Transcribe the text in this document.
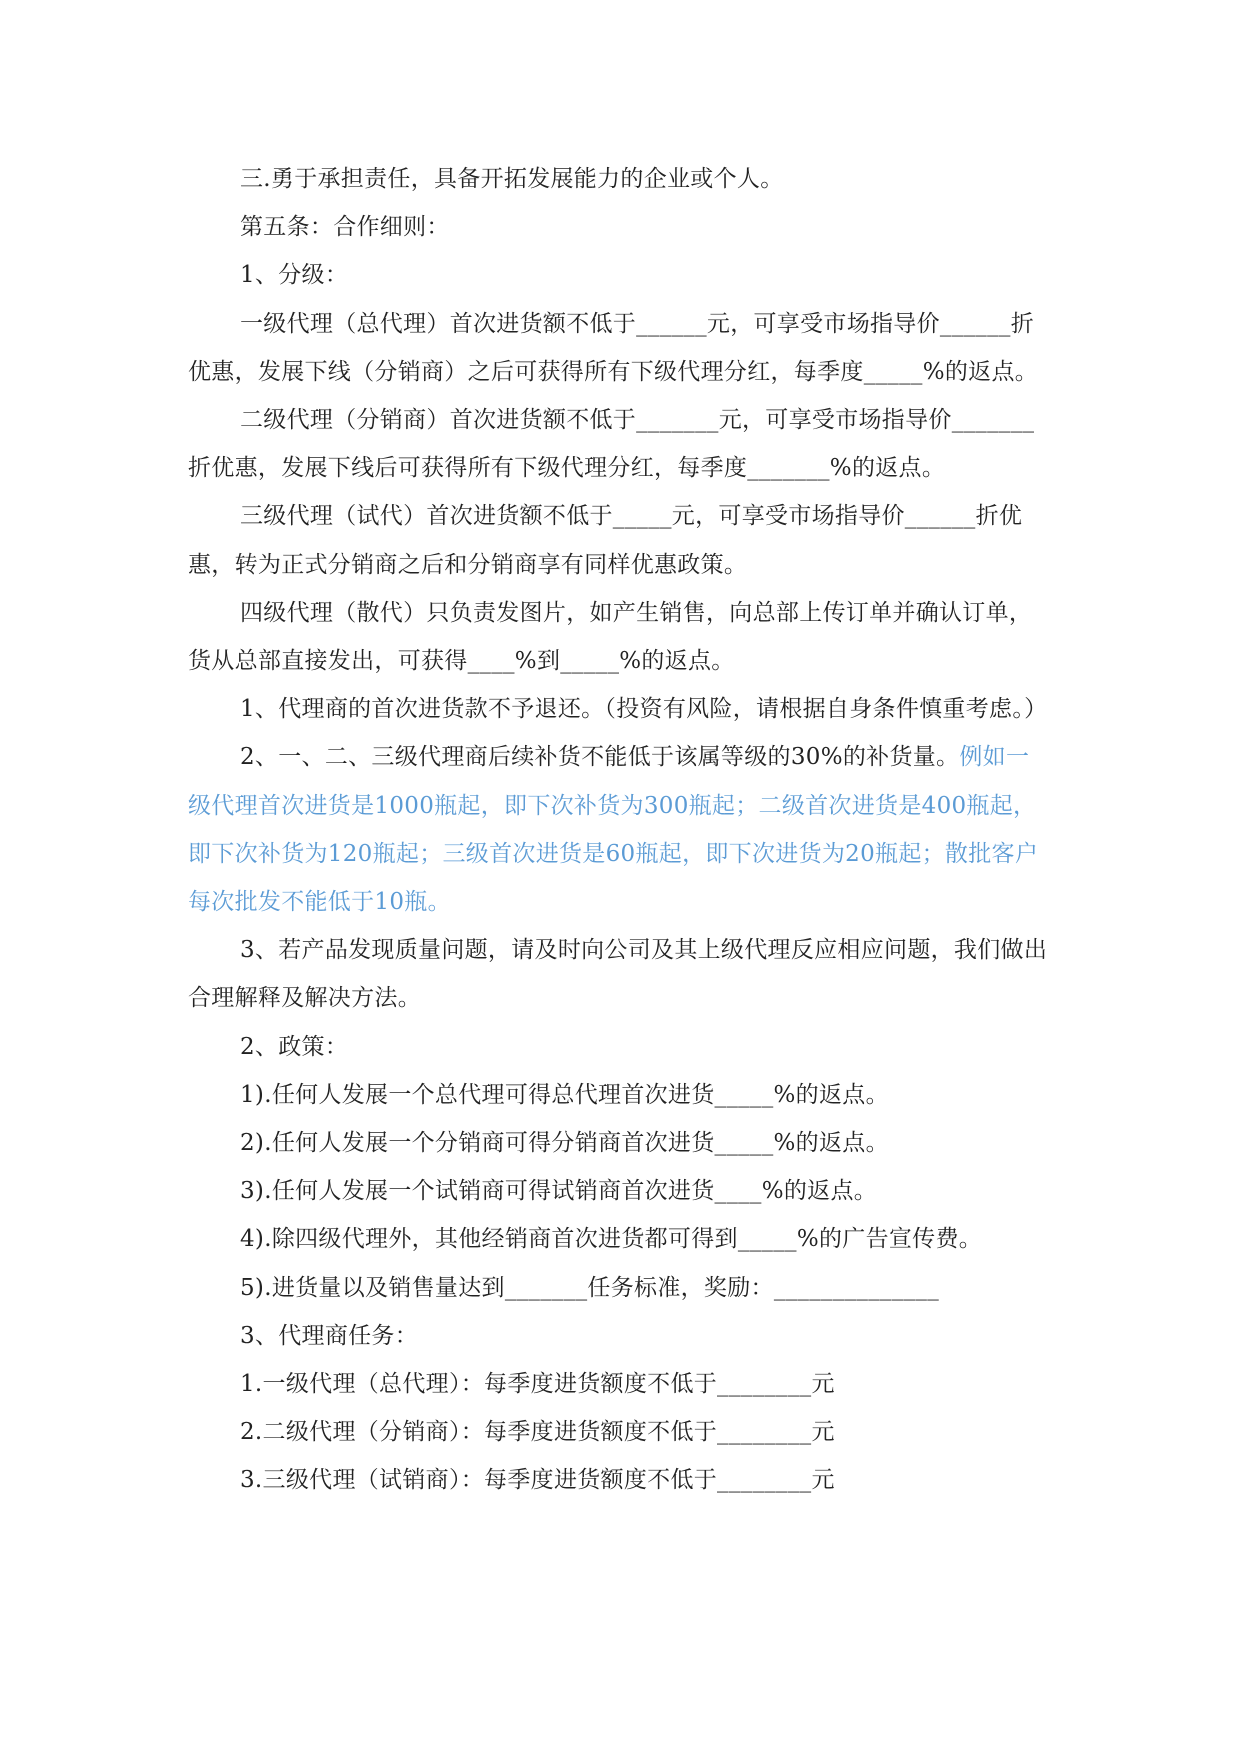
三.勇于承担责任，具备开拓发展能力的企业或个人。

第五条：合作细则：

1、分级：

一级代理（总代理）首次进货额不低于______元，可享受市场指导价______折优惠，发展下线（分销商）之后可获得所有下级代理分红，每季度_____%的返点。

二级代理（分销商）首次进货额不低于_______元，可享受市场指导价_______折优惠，发展下线后可获得所有下级代理分红，每季度_______%的返点。

三级代理（试代）首次进货额不低于_____元，可享受市场指导价______折优惠，转为正式分销商之后和分销商享有同样优惠政策。

四级代理（散代）只负责发图片，如产生销售，向总部上传订单并确认订单，货从总部直接发出，可获得____%到_____%的返点。

1、代理商的首次进货款不予退还。（投资有风险，请根据自身条件慎重考虑。）

2、一、二、三级代理商后续补货不能低于该属等级的30%的补货量。例如一级代理首次进货是1000瓶起，即下次补货为300瓶起；二级首次进货是400瓶起，即下次补货为120瓶起；三级首次进货是60瓶起，即下次进货为20瓶起；散批客户每次批发不能低于10瓶。

3、若产品发现质量问题，请及时向公司及其上级代理反应相应问题，我们做出合理解释及解决方法。

2、政策：

1).任何人发展一个总代理可得总代理首次进货_____%的返点。

2).任何人发展一个分销商可得分销商首次进货_____%的返点。

3).任何人发展一个试销商可得试销商首次进货____%的返点。

4).除四级代理外，其他经销商首次进货都可得到_____%的广告宣传费。

5).进货量以及销售量达到_______任务标准，奖励：______________

3、代理商任务：

1.一级代理（总代理）：每季度进货额度不低于________元

2.二级代理（分销商）：每季度进货额度不低于________元

3.三级代理（试销商）：每季度进货额度不低于________元
